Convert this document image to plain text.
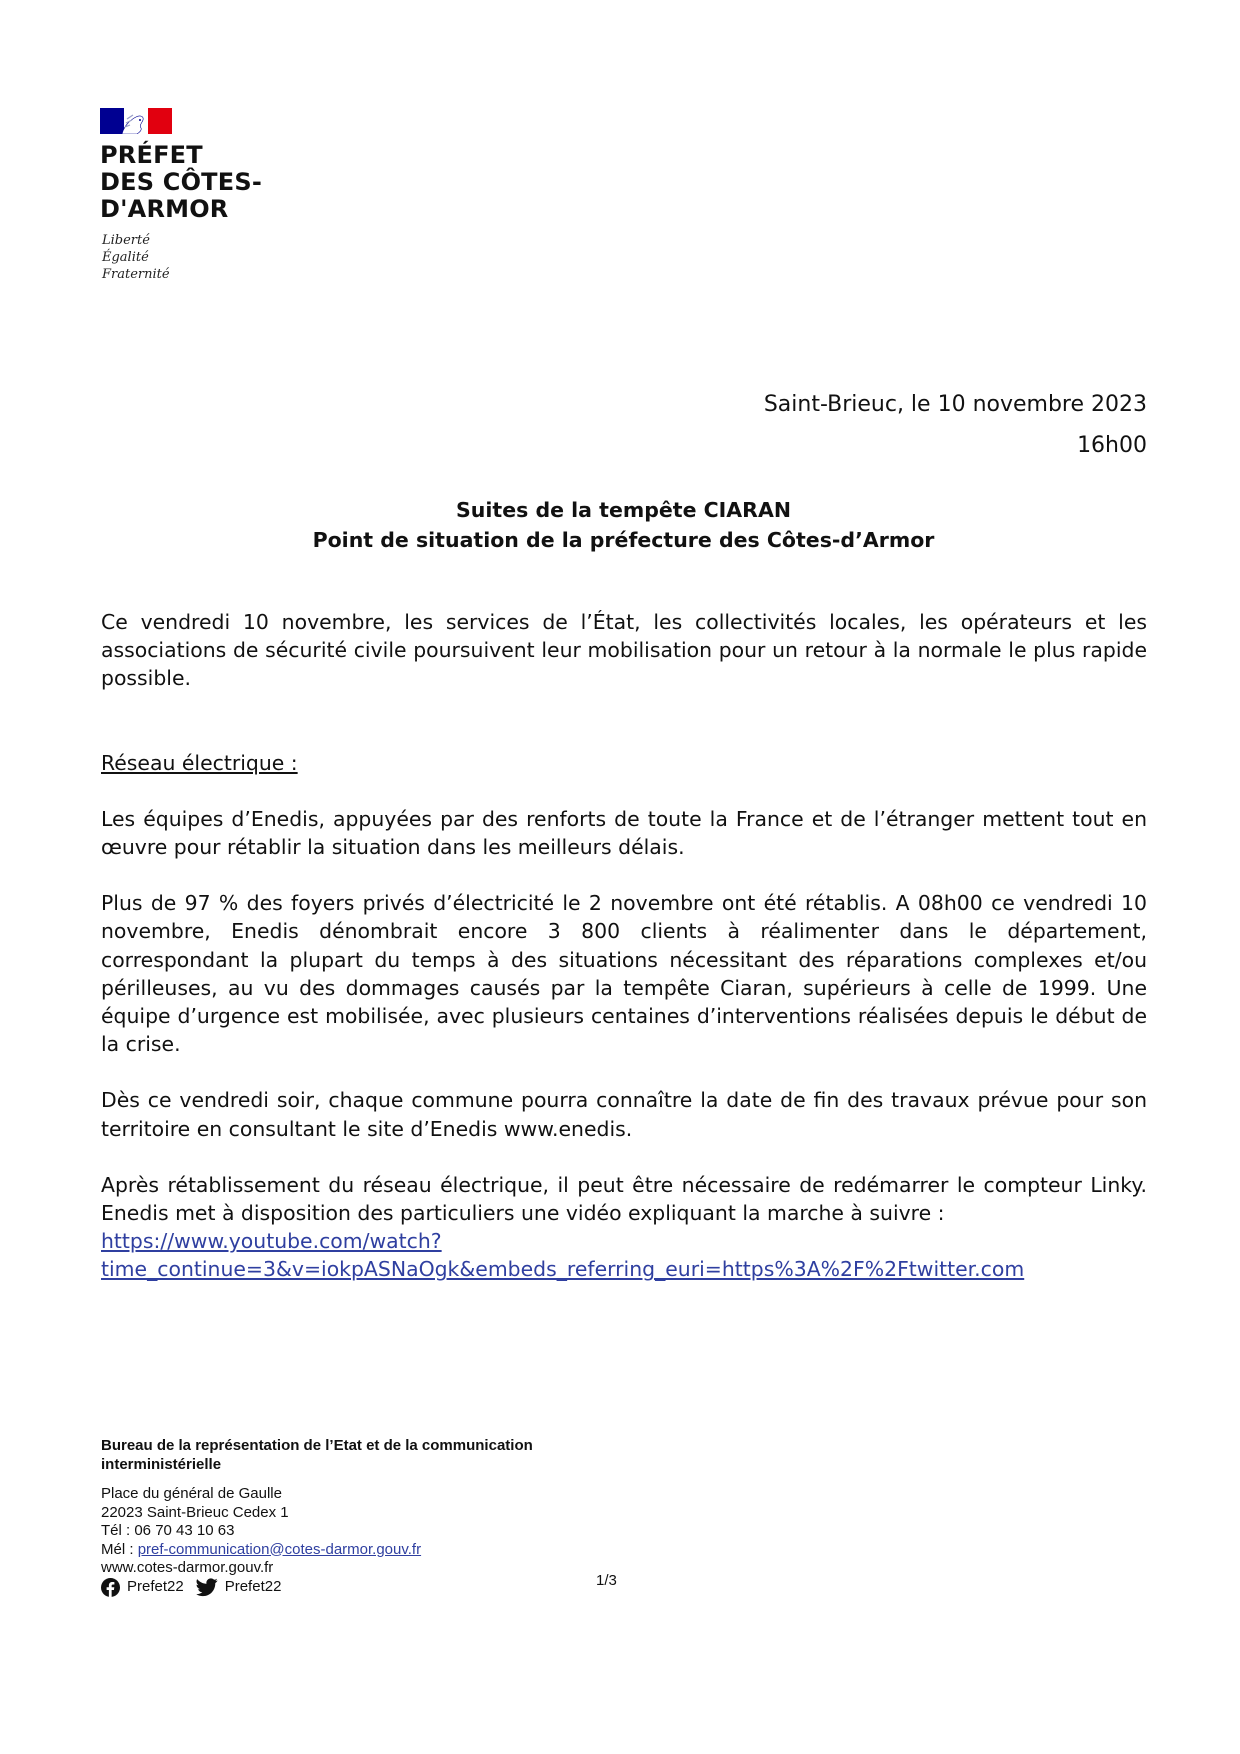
PRÉFET
DES CÔTES-
D'ARMOR

Liberté
Égalité
Fraternité

Saint-Brieuc, le 10 novembre 2023
16h00
Suites de la tempête CIARAN
Point de situation de la préfecture des Côtes-d’Armor

Ce vendredi 10 novembre, les services de l’État, les collectivités locales, les opérateurs et les associations de sécurité civile poursuivent leur mobilisation pour un retour à la normale le plus rapide possible.

Réseau électrique :

Les équipes d’Enedis, appuyées par des renforts de toute la France et de l’étranger mettent tout en œuvre pour rétablir la situation dans les meilleurs délais.

Plus de 97 % des foyers privés d’électricité le 2 novembre ont été rétablis. A 08h00 ce vendredi 10 novembre, Enedis dénombrait encore 3 800 clients à réalimenter dans le département, correspondant la plupart du temps à des situations nécessitant des réparations complexes et/ou périlleuses, au vu des dommages causés par la tempête Ciaran, supérieurs à celle de 1999. Une équipe d’urgence est mobilisée, avec plusieurs centaines d’interventions réalisées depuis le début de la crise.

Dès ce vendredi soir, chaque commune pourra connaître la date de fin des travaux prévue pour son territoire en consultant le site d’Enedis www.enedis.

Après rétablissement du réseau électrique, il peut être nécessaire de redémarrer le compteur Linky. Enedis met à disposition des particuliers une vidéo expliquant la marche à suivre :

https://www.youtube.com/watch?
time_continue=3&v=iokpASNaOgk&embeds_referring_euri=https%3A%2F%2Ftwitter.com
Bureau de la représentation de l’Etat et de la communication interministérielle
Place du général de Gaulle
22023 Saint-Brieuc Cedex 1
Tél : 06 70 43 10 63
Mél : pref-communication@cotes-darmor.gouv.fr
www.cotes-darmor.gouv.fr
Prefet22	Prefet22	1/3
